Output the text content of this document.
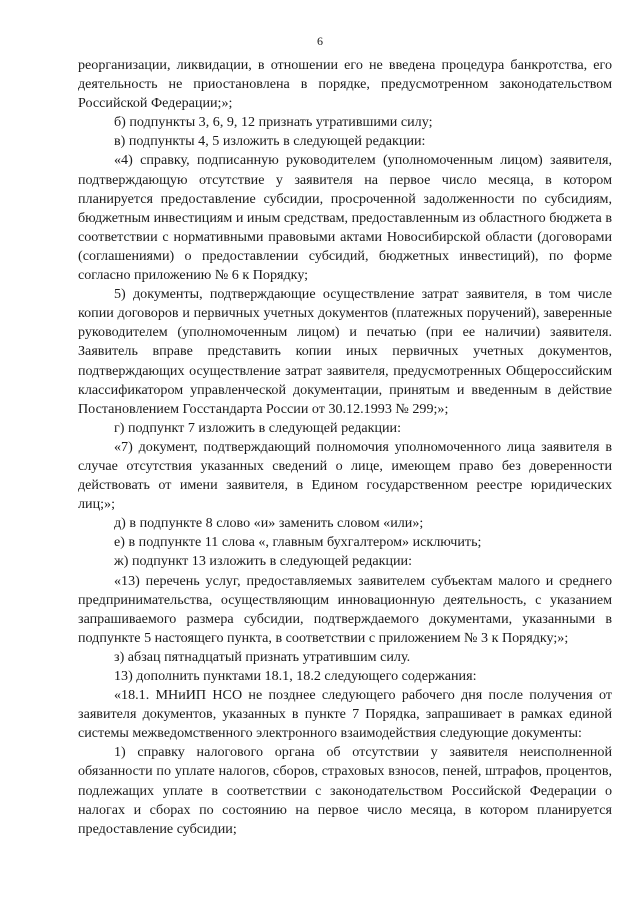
6

реорганизации, ликвидации, в отношении его не введена процедура банкротства, его деятельность не приостановлена в порядке, предусмотренном законодательством Российской Федерации;»;

б) подпункты 3, 6, 9, 12 признать утратившими силу;

в) подпункты 4, 5 изложить в следующей редакции:

«4) справку, подписанную руководителем (уполномоченным лицом) заявителя, подтверждающую отсутствие у заявителя на первое число месяца, в котором планируется предоставление субсидии, просроченной задолженности по субсидиям, бюджетным инвестициям и иным средствам, предоставленным из областного бюджета в соответствии с нормативными правовыми актами Новосибирской области (договорами (соглашениями) о предоставлении субсидий, бюджетных инвестиций), по форме согласно приложению № 6 к Порядку;

5) документы, подтверждающие осуществление затрат заявителя, в том числе копии договоров и первичных учетных документов (платежных поручений), заверенные руководителем (уполномоченным лицом) и печатью (при ее наличии) заявителя. Заявитель вправе представить копии иных первичных учетных документов, подтверждающих осуществление затрат заявителя, предусмотренных Общероссийским классификатором управленческой документации, принятым и введенным в действие Постановлением Госстандарта России от 30.12.1993 № 299;»;

г) подпункт 7 изложить в следующей редакции:

«7) документ, подтверждающий полномочия уполномоченного лица заявителя в случае отсутствия указанных сведений о лице, имеющем право без доверенности действовать от имени заявителя, в Едином государственном реестре юридических лиц;»;

д) в подпункте 8 слово «и» заменить словом «или»;

е) в подпункте 11 слова «, главным бухгалтером» исключить;

ж) подпункт 13 изложить в следующей редакции:

«13) перечень услуг, предоставляемых заявителем субъектам малого и среднего предпринимательства, осуществляющим инновационную деятельность, с указанием запрашиваемого размера субсидии, подтверждаемого документами, указанными в подпункте 5 настоящего пункта, в соответствии с приложением № 3 к Порядку;»;

з) абзац пятнадцатый признать утратившим силу.

13) дополнить пунктами 18.1, 18.2 следующего содержания:

«18.1. МНиИП НСО не позднее следующего рабочего дня после получения от заявителя документов, указанных в пункте 7 Порядка, запрашивает в рамках единой системы межведомственного электронного взаимодействия следующие документы:

1) справку налогового органа об отсутствии у заявителя неисполненной обязанности по уплате налогов, сборов, страховых взносов, пеней, штрафов, процентов, подлежащих уплате в соответствии с законодательством Российской Федерации о налогах и сборах по состоянию на первое число месяца, в котором планируется предоставление субсидии;
